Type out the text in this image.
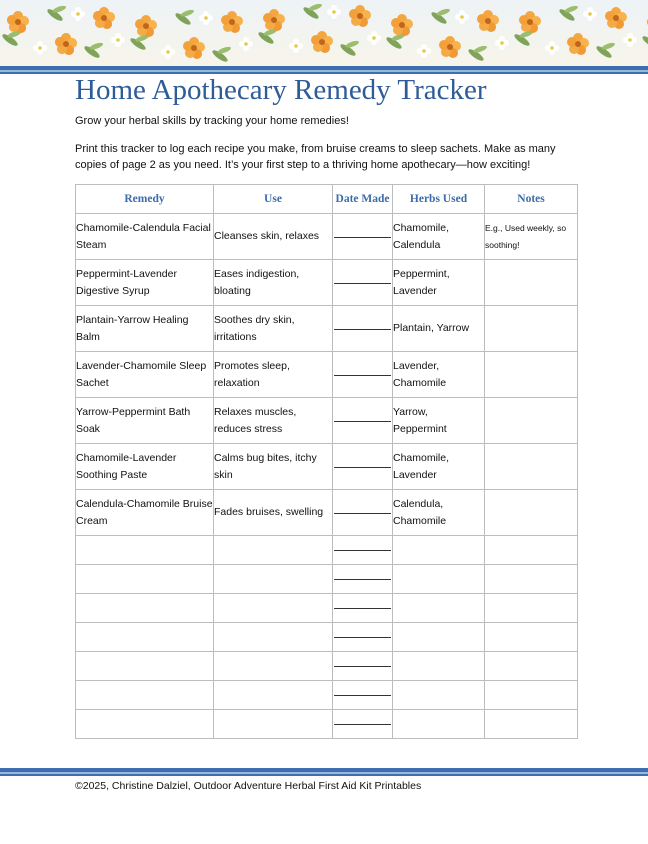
Home Apothecary Remedy Tracker
Grow your herbal skills by tracking your home remedies!
Print this tracker to log each recipe you make, from bruise creams to sleep sachets. Make as many copies of page 2 as you need. It’s your first step to a thriving home apothecary—how exciting!
Remedy	Use	Date Made	Herbs Used	Notes
Chamomile-Calendula Facial Steam	Cleanses skin, relaxes		Chamomile, Calendula	E.g., Used weekly, so soothing!
Peppermint-Lavender Digestive Syrup	Eases indigestion, bloating		Peppermint, Lavender	
Plantain-Yarrow Healing Balm	Soothes dry skin, irritations		Plantain, Yarrow	
Lavender-Chamomile Sleep Sachet	Promotes sleep, relaxation		Lavender, Chamomile	
Yarrow-Peppermint Bath Soak	Relaxes muscles, reduces stress		Yarrow, Peppermint	
Chamomile-Lavender Soothing Paste	Calms bug bites, itchy skin		Chamomile, Lavender	
Calendula-Chamomile Bruise Cream	Fades bruises, swelling		Calendula, Chamomile	

©2025, Christine Dalziel, Outdoor Adventure Herbal First Aid Kit Printables
